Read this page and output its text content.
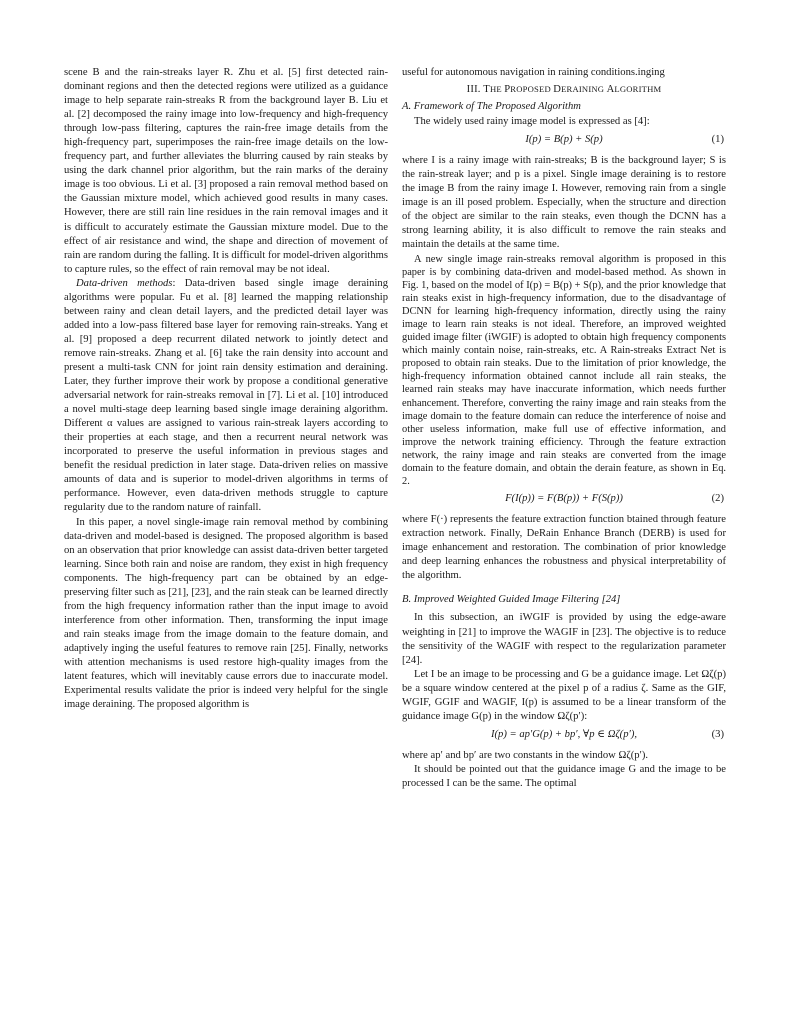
scene B and the rain-streaks layer R. Zhu et al. [5] first detected rain-dominant regions and then the detected regions were utilized as a guidance image to help separate rain-streaks R from the background layer B. Liu et al. [2] decomposed the rainy image into low-frequency and high-frequency through low-pass filtering, captures the rain-free image details from the high-frequency part, superimposes the rain-free image details on the low-frequency part, and further alleviates the blurring caused by rain steaks by using the dark channel prior algorithm, but the rain marks of the derainy image is too obvious. Li et al. [3] proposed a rain removal method based on the Gaussian mixture model, which achieved good results in many cases. However, there are still rain line residues in the rain removal images and it is difficult to accurately estimate the Gaussian mixture model. Due to the effect of air resistance and wind, the shape and direction of movement of rain are random during the falling. It is difficult for model-driven algorithms to capture rules, so the effect of rain removal may be not ideal.

Data-driven methods: Data-driven based single image deraining algorithms were popular. Fu et al. [8] learned the mapping relationship between rainy and clean detail layers, and the predicted detail layer was added into a low-pass filtered base layer for removing rain-streaks. Yang et al. [9] proposed a deep recurrent dilated network to jointly detect and remove rain-streaks. Zhang et al. [6] take the rain density into account and present a multi-task CNN for joint rain density estimation and deraining. Later, they further improve their work by propose a conditional generative adversarial network for rain-streaks removal in [7]. Li et al. [10] introduced a novel multi-stage deep learning based single image deraining algorithm. Different α values are assigned to various rain-streak layers according to their properties at each stage, and then a recurrent neural network was incorporated to preserve the useful information in previous stages and benefit the residual prediction in later stage. Data-driven relies on massive amounts of data and is superior to model-driven algorithms in terms of performance. However, even data-driven methods struggle to capture regularity due to the random nature of rainfall.

In this paper, a novel single-image rain removal method by combining data-driven and model-based is designed. The proposed algorithm is based on an observation that prior knowledge can assist data-driven better targeted learning. Since both rain and noise are random, they exist in high frequency components. The high-frequency part can be obtained by an edge-preserving filter such as [21], [23], and the rain steak can be learned directly from the high frequency information rather than the input image to avoid interference from other information. Then, transforming the input image and rain steaks image from the image domain to the feature domain, and adaptively inging the useful features to remove rain [25]. Finally, networks with attention mechanisms is used restore high-quality images from the latent features, which will inevitably cause errors due to inaccurate model. Experimental results validate the prior is indeed very helpful for the single image deraining. The proposed algorithm is

useful for autonomous navigation in raining conditions.inging

III. THE PROPOSED DERAINING ALGORITHM
A. Framework of The Proposed Algorithm

The widely used rainy image model is expressed as [4]:

I(p) = B(p) + S(p)	(1)

where I is a rainy image with rain-streaks; B is the background layer; S is the rain-streak layer; and p is a pixel. Single image deraining is to restore the image B from the rainy image I. However, removing rain from a single image is an ill posed problem. Especially, when the structure and direction of the object are similar to the rain steaks, even though the DCNN has a strong learning ability, it is also difficult to remove the rain steaks and maintain the details at the same time.

A new single image rain-streaks removal algorithm is proposed in this paper is by combining data-driven and model-based method. As shown in Fig. 1, based on the model of I(p) = B(p) + S(p), and the prior knowledge that rain steaks exist in high-frequency information, due to the disadvantage of DCNN for learning high-frequency information, directly using the rainy image to learn rain steaks is not ideal. Therefore, an improved weighted guided image filter (iWGIF) is adopted to obtain high frequency components which mainly contain noise, rain-streaks, etc. A Rain-streaks Extract Net is proposed to obtain rain steaks. Due to the limitation of prior knowledge, the high-frequency information obtained cannot include all rain steaks, the learned rain steaks may have inaccurate information, which needs further enhancement. Therefore, converting the rainy image and rain steaks from the image domain to the feature domain can reduce the interference of noise and other useless information, make full use of effective information, and improve the network training efficiency. Through the feature extraction network, the rainy image and rain steaks are converted from the image domain to the feature domain, and obtain the derain feature, as shown in Eq. 2.

F(I(p)) = F(B(p)) + F(S(p))	(2)

where F(·) represents the feature extraction function btained through feature extraction network. Finally, DeRain Enhance Branch (DERB) is used for image enhancement and restoration. The combination of prior knowledge and deep learning enhances the robustness and physical interpretability of the algorithm.

B. Improved Weighted Guided Image Filtering [24]

In this subsection, an iWGIF is provided by using the edge-aware weighting in [21] to improve the WAGIF in [23]. The objective is to reduce the sensitivity of the WAGIF with respect to the regularization parameter [24].

Let I be an image to be processing and G be a guidance image. Let Ωζ(p) be a square window centered at the pixel p of a radius ζ. Same as the GIF, WGIF, GGIF and WAGIF, I(p) is assumed to be a linear transform of the guidance image G(p) in the window Ωζ(p′):

I(p) = ap′G(p) + bp′, ∀p ∈ Ωζ(p′),	(3)

where ap′ and bp′ are two constants in the window Ωζ(p′).

It should be pointed out that the guidance image G and the image to be processed I can be the same. The optimal
